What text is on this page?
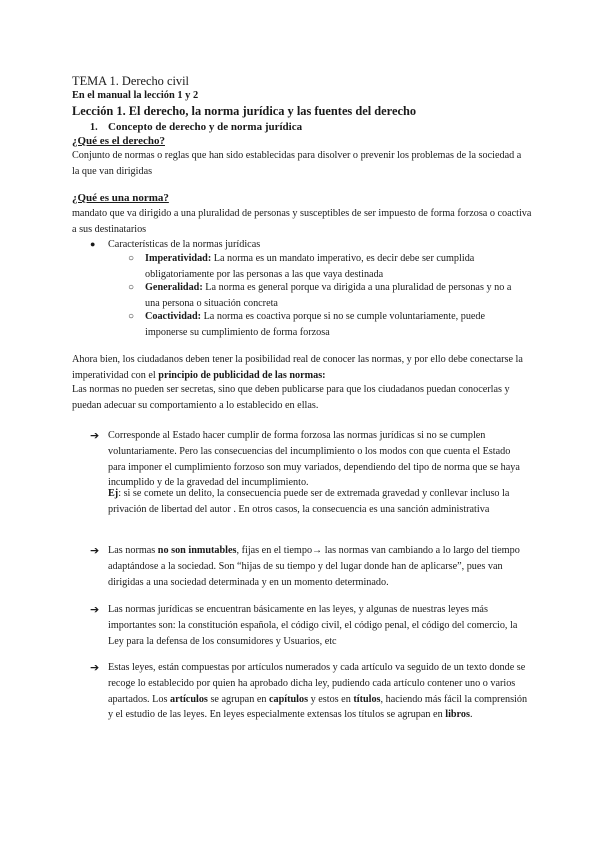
TEMA 1. Derecho civil

En el manual la lección 1 y 2

Lección 1. El derecho, la norma jurídica y las fuentes del derecho

1. Concepto de derecho y de norma jurídica

¿Qué es el derecho?

Conjunto de normas o reglas que han sido establecidas para disolver o prevenir los problemas de la sociedad a la que van dirigidas

¿Qué es una norma?

mandato que va dirigido a una pluralidad de personas y susceptibles de ser impuesto de forma forzosa o coactiva a sus destinatarios

● Características de la normas jurídicas

○ Imperatividad: La norma es un mandato imperativo, es decir debe ser cumplida obligatoriamente por las personas a las que vaya destinada

○ Generalidad: La norma es general porque va dirigida a una pluralidad de personas y no a una persona o situación concreta

○ Coactividad: La norma es coactiva porque si no se cumple voluntariamente, puede imponerse su cumplimiento de forma forzosa

Ahora bien, los ciudadanos deben tener la posibilidad real de conocer las normas, y por ello debe conectarse la imperatividad con el principio de publicidad de las normas:

Las normas no pueden ser secretas, sino que deben publicarse para que los ciudadanos puedan conocerlas y puedan adecuar su comportamiento a lo establecido en ellas.

➔ Corresponde al Estado hacer cumplir de forma forzosa las normas jurídicas si no se cumplen voluntariamente. Pero las consecuencias del incumplimiento o los modos con que cuenta el Estado para imponer el cumplimiento forzoso son muy variados, dependiendo del tipo de norma que se haya incumplido y de la gravedad del incumplimiento.

Ej: si se comete un delito, la consecuencia puede ser de extremada gravedad y conllevar incluso la privación de libertad del autor . En otros casos, la consecuencia es una sanción administrativa

➔ Las normas no son inmutables, fijas en el tiempo→ las normas van cambiando a lo largo del tiempo adaptándose a la sociedad. Son “hijas de su tiempo y del lugar donde han de aplicarse”, pues van dirigidas a una sociedad determinada y en un momento determinado.

➔ Las normas jurídicas se encuentran básicamente en las leyes, y algunas de nuestras leyes más importantes son: la constitución española, el código civil, el código penal, el código del comercio, la Ley para la defensa de los consumidores y Usuarios, etc

➔ Estas leyes, están compuestas por artículos numerados y cada artículo va seguido de un texto donde se recoge lo establecido por quien ha aprobado dicha ley, pudiendo cada artículo contener uno o varios apartados. Los artículos se agrupan en capítulos y estos en títulos, haciendo más fácil la comprensión y el estudio de las leyes. En leyes especialmente extensas los títulos se agrupan en libros.
